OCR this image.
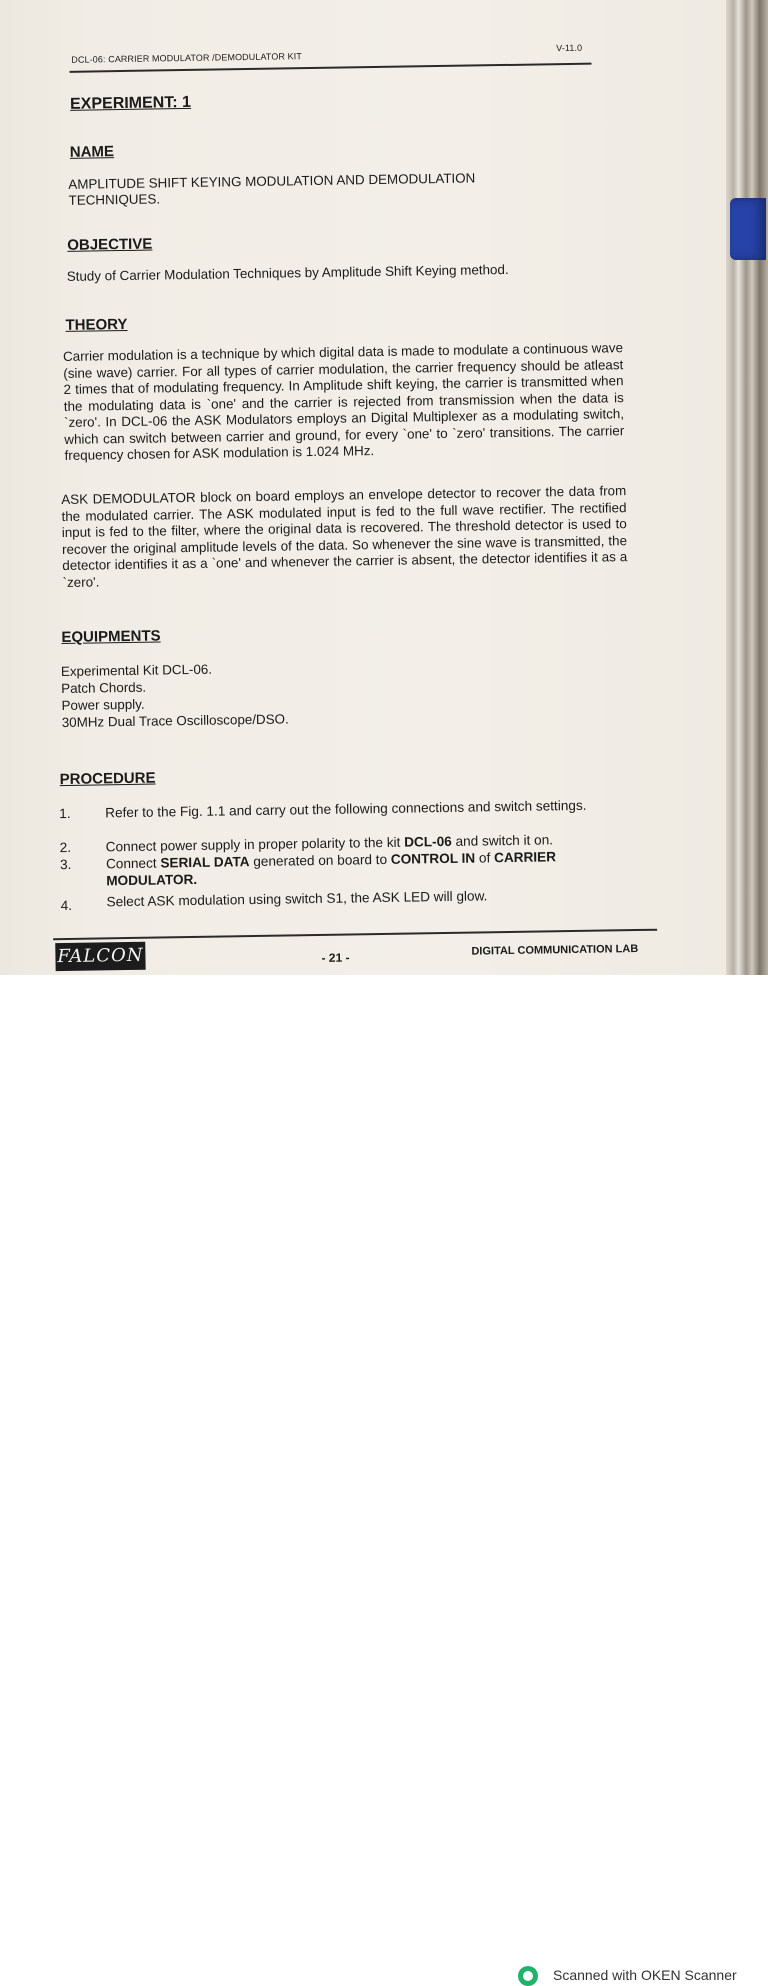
DCL-06: CARRIER MODULATOR /DEMODULATOR KIT
V-11.0
EXPERIMENT: 1
NAME
AMPLITUDE SHIFT KEYING MODULATION AND DEMODULATION
TECHNIQUES.
OBJECTIVE
Study of Carrier Modulation Techniques by Amplitude Shift Keying method.
THEORY
Carrier modulation is a technique by which digital data is made to modulate a continuous wave (sine wave) carrier. For all types of carrier modulation, the carrier frequency should be atleast 2 times that of modulating frequency. In Amplitude shift keying, the carrier is transmitted when the modulating data is `one' and the carrier is rejected from transmission when the data is `zero'. In DCL-06 the ASK Modulators employs an Digital Multiplexer as a modulating switch, which can switch between carrier and ground, for every `one' to `zero' transitions. The carrier frequency chosen for ASK modulation is 1.024 MHz.
ASK DEMODULATOR block on board employs an envelope detector to recover the data from the modulated carrier. The ASK modulated input is fed to the full wave rectifier. The rectified input is fed to the filter, where the original data is recovered. The threshold detector is used to recover the original amplitude levels of the data. So whenever the sine wave is transmitted, the detector identifies it as a `one' and whenever the carrier is absent, the detector identifies it as a `zero'.
EQUIPMENTS
Experimental Kit DCL-06.
Patch Chords.
Power supply.
30MHz Dual Trace Oscilloscope/DSO.
PROCEDURE
1.	Refer to the Fig. 1.1 and carry out the following connections and switch settings.
2.	Connect power supply in proper polarity to the kit DCL-06 and switch it on.
3.	Connect SERIAL DATA generated on board to CONTROL IN of CARRIER MODULATOR.
4.	Select ASK modulation using switch S1, the ASK LED will glow.
FALCON	- 21 -
DIGITAL COMMUNICATION LAB
Scanned with OKEN Scanner
